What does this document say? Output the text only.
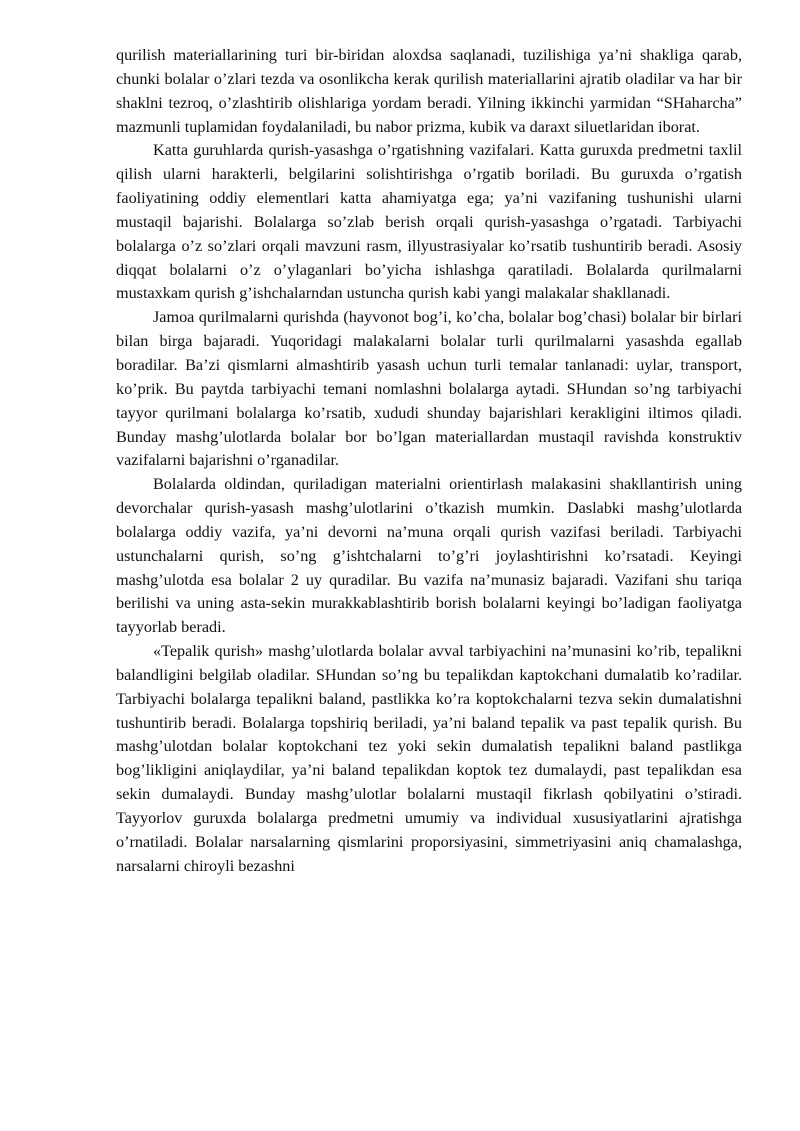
qurilish materiallarining turi bir-biridan aloxdsa saqlanadi, tuzilishiga ya’ni shakliga qarab, chunki bolalar o’zlari tezda va osonlikcha kerak qurilish materiallarini ajratib oladilar va har bir shaklni tezroq, o’zlashtirib olishlariga yordam beradi. Yilning ikkinchi yarmidan “SHaharcha” mazmunli tuplamidan foydalaniladi, bu nabor prizma, kubik va daraxt siluetlaridan iborat.

Katta guruhlarda qurish-yasashga o’rgatishning vazifalari. Katta guruxda predmetni taxlil qilish ularni harakterli, belgilarini solishtirishga o’rgatib boriladi. Bu guruxda o’rgatish faoliyatining oddiy elementlari katta ahamiyatga ega; ya’ni vazifaning tushunishi ularni mustaqil bajarishi. Bolalarga so’zlab berish orqali qurish-yasashga o’rgatadi. Tarbiyachi bolalarga o’z so’zlari orqali mavzuni rasm, illyustrasiyalar ko’rsatib tushuntirib beradi. Asosiy diqqat bolalarni o’z o’ylaganlari bo’yicha ishlashga qaratiladi. Bolalarda qurilmalarni mustaxkam qurish g’ishchalarndan ustuncha qurish kabi yangi malakalar shakllanadi.

Jamoa qurilmalarni qurishda (hayvonot bog’i, ko’cha, bolalar bog’chasi) bolalar bir birlari bilan birga bajaradi. Yuqoridagi malakalarni bolalar turli qurilmalarni yasashda egallab boradilar. Ba’zi qismlarni almashtirib yasash uchun turli temalar tanlanadi: uylar, transport, ko’prik. Bu paytda tarbiyachi temani nomlashni bolalarga aytadi. SHundan so’ng tarbiyachi tayyor qurilmani bolalarga ko’rsatib, xududi shunday bajarishlari kerakligini iltimos qiladi. Bunday mashg’ulotlarda bolalar bor bo’lgan materiallardan mustaqil ravishda konstruktiv vazifalarni bajarishni o’rganadilar.

Bolalarda oldindan, quriladigan materialni orientirlash malakasini shakllantirish uning devorchalar qurish-yasash mashg’ulotlarini o’tkazish mumkin. Daslabki mashg’ulotlarda bolalarga oddiy vazifa, ya’ni devorni na’muna orqali qurish vazifasi beriladi. Tarbiyachi ustunchalarni qurish, so’ng g’ishtchalarni to’g’ri joylashtirishni ko’rsatadi. Keyingi mashg’ulotda esa bolalar 2 uy quradilar. Bu vazifa na’munasiz bajaradi. Vazifani shu tariqa berilishi va uning asta-sekin murakkablashtirib borish bolalarni keyingi bo’ladigan faoliyatga tayyorlab beradi.

«Tepalik qurish» mashg’ulotlarda bolalar avval tarbiyachini na’munasini ko’rib, tepalikni balandligini belgilab oladilar. SHundan so’ng bu tepalikdan kaptokchani dumalatib ko’radilar. Tarbiyachi bolalarga tepalikni baland, pastlikka ko’ra koptokchalarni tezva sekin dumalatishni tushuntirib beradi. Bolalarga topshiriq beriladi, ya’ni baland tepalik va past tepalik qurish. Bu mashg’ulotdan bolalar koptokchani tez yoki sekin dumalatish tepalikni baland pastlikga bog’likligini aniqlaydilar, ya’ni baland tepalikdan koptok tez dumalaydi, past tepalikdan esa sekin dumalaydi. Bunday mashg’ulotlar bolalarni mustaqil fikrlash qobilyatini o’stiradi. Tayyorlov guruxda bolalarga predmetni umumiy va individual xususiyatlarini ajratishga o’rnatiladi. Bolalar narsalarning qismlarini proporsiyasini, simmetriyasini aniq chamalashga, narsalarni chiroyli bezashni
